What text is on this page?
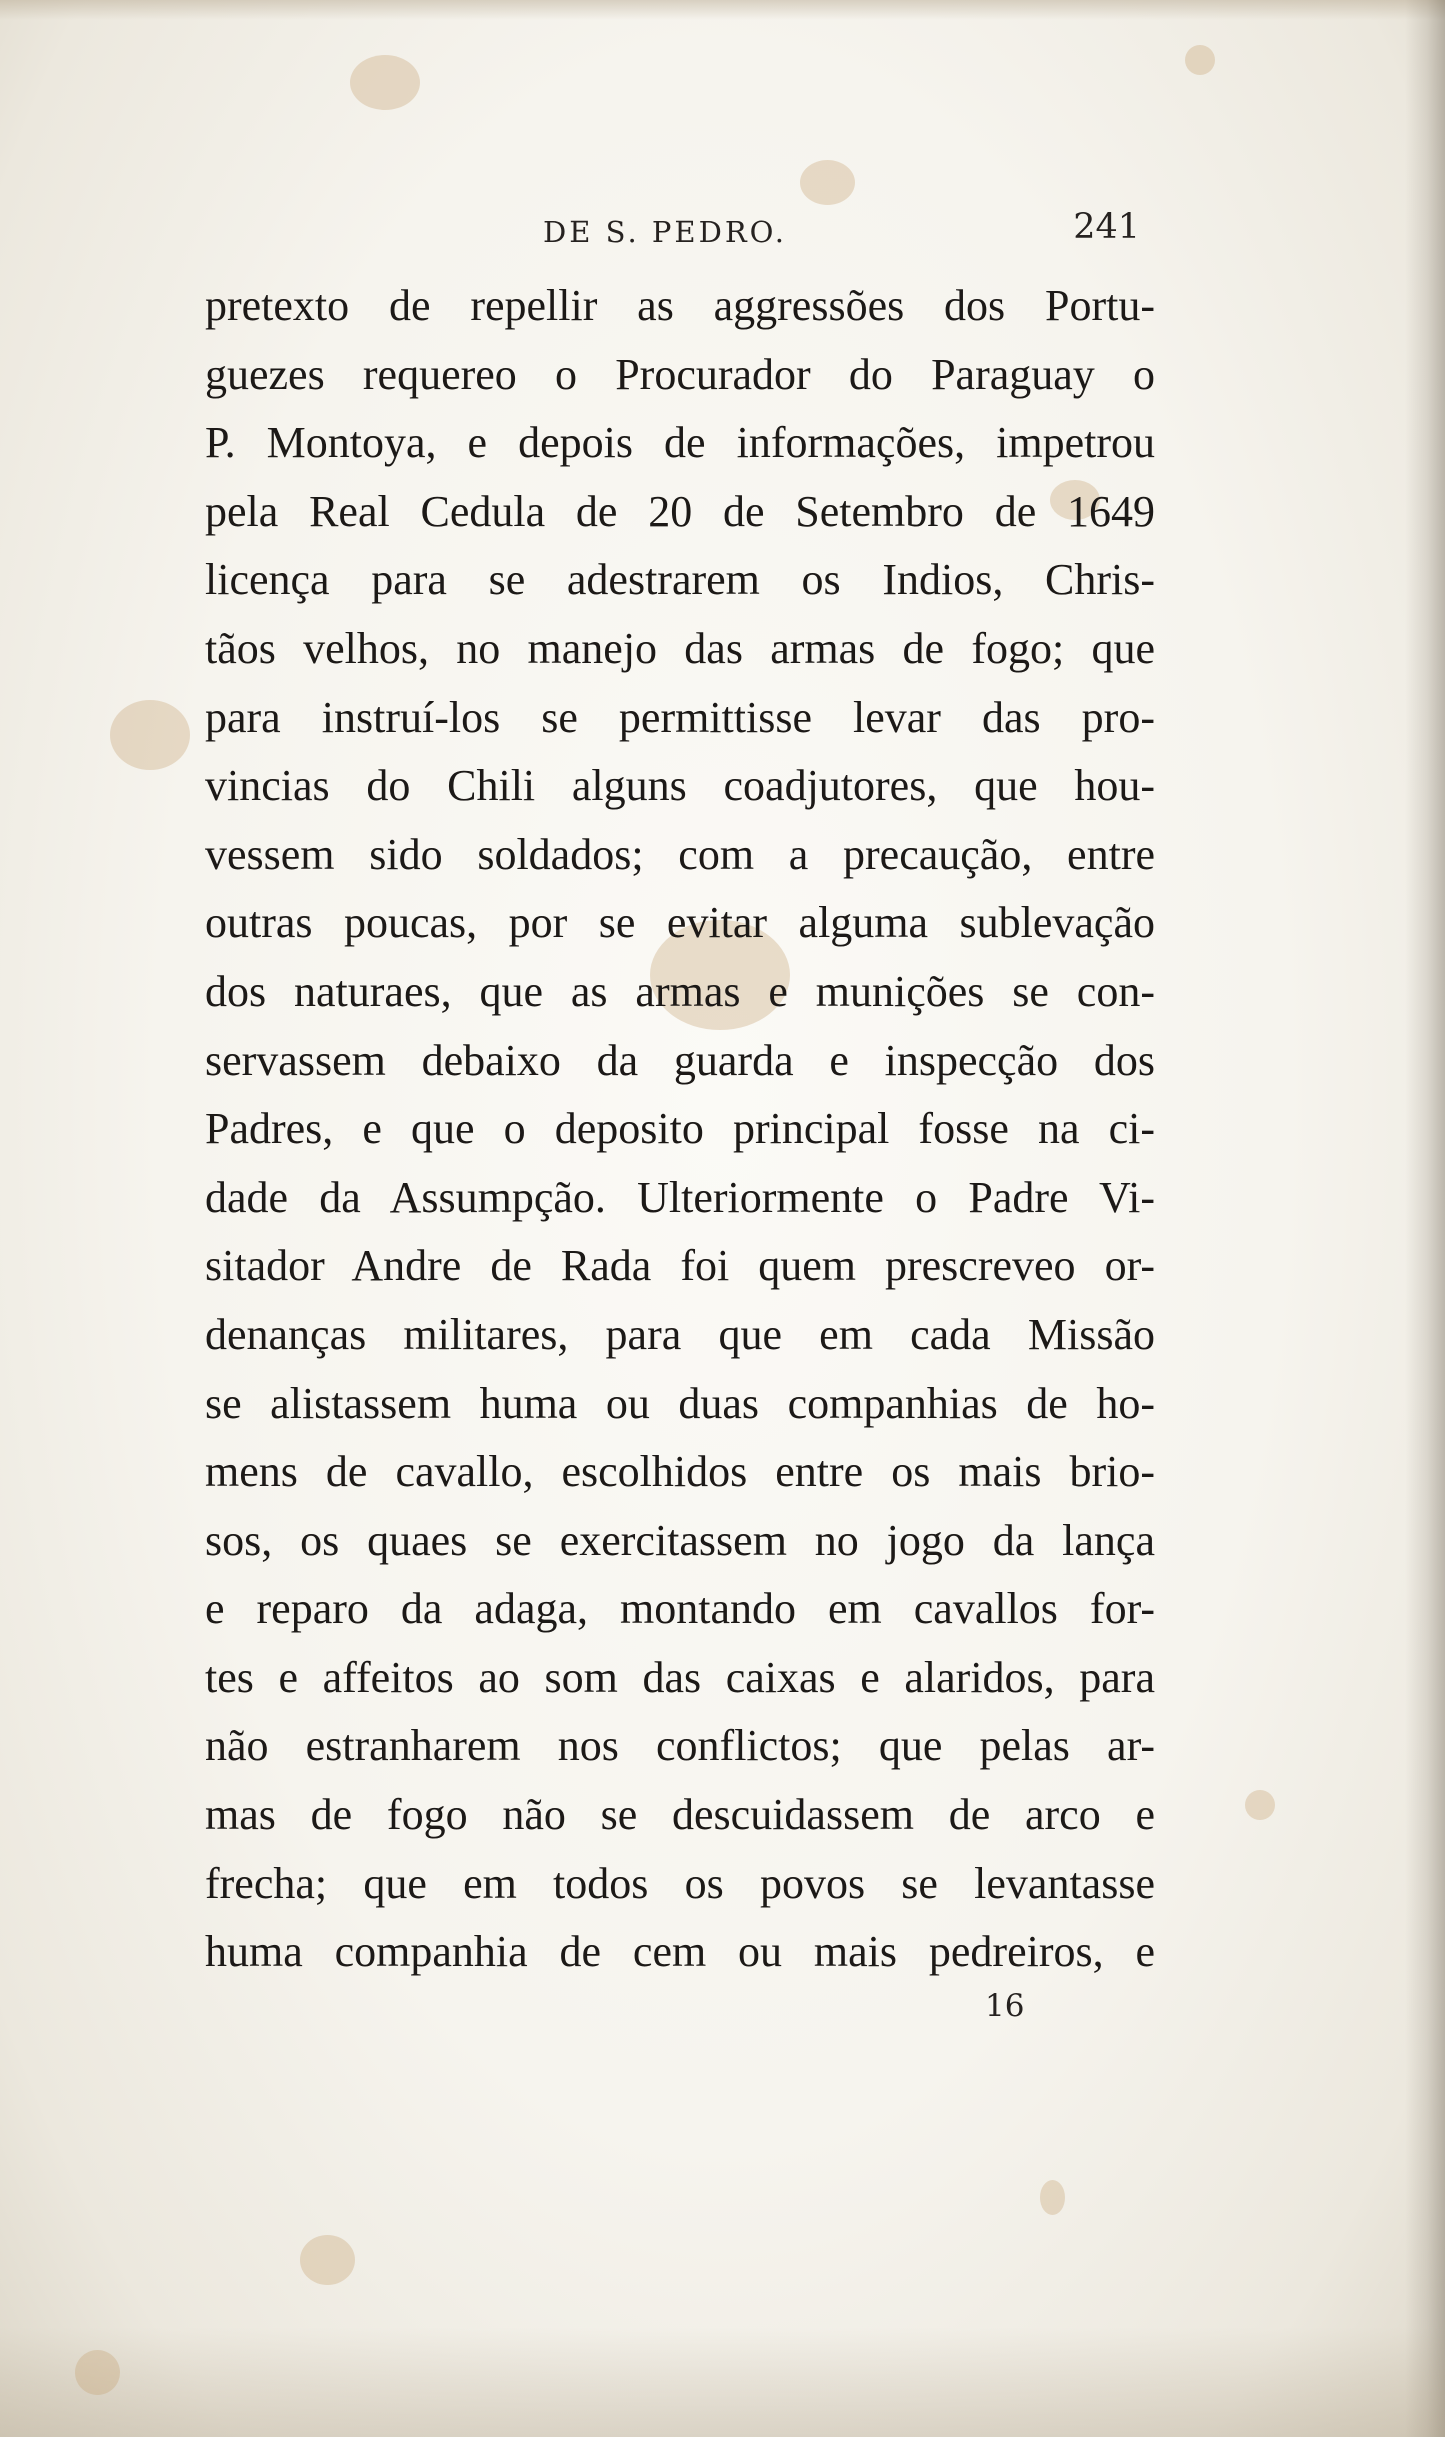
DE S. PEDRO.	241
pretexto de repellir as aggressões dos Portu-
guezes requereo o Procurador do Paraguay o
P. Montoya, e depois de informações, impetrou
pela Real Cedula de 20 de Setembro de 1649
licença para se adestrarem os Indios, Chris-
tãos velhos, no manejo das armas de fogo; que
para instruí-los se permittisse levar das pro-
vincias do Chili alguns coadjutores, que hou-
vessem sido soldados; com a precaução, entre
outras poucas, por se evitar alguma sublevação
dos naturaes, que as armas e munições se con-
servassem debaixo da guarda e inspecção dos
Padres, e que o deposito principal fosse na ci-
dade da Assumpção. Ulteriormente o Padre Vi-
sitador Andre de Rada foi quem prescreveo or-
denanças militares, para que em cada Missão
se alistassem huma ou duas companhias de ho-
mens de cavallo, escolhidos entre os mais brio-
sos, os quaes se exercitassem no jogo da lança
e reparo da adaga, montando em cavallos for-
tes e affeitos ao som das caixas e alaridos, para
não estranharem nos conflictos; que pelas ar-
mas de fogo não se descuidassem de arco e
frecha; que em todos os povos se levantasse
huma companhia de cem ou mais pedreiros, e
16
